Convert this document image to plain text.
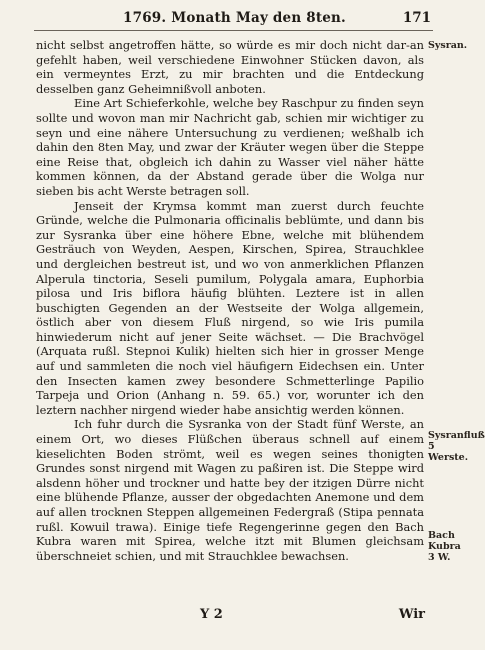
1769. Monath May den 8ten.	171

nicht selbst angetroffen hätte, so würde es mir doch nicht dar-an gefehlt haben, weil verschiedene Einwohner Stücken davon, als ein vermeyntes Erzt, zu mir brachten und die Entdeckung desselben ganz Geheimnißvoll anboten.

Eine Art Schieferkohle, welche bey Raschpur zu finden seyn sollte und wovon man mir Nachricht gab, schien mir wichtiger zu seyn und eine nähere Untersuchung zu verdienen; weßhalb ich dahin den 8ten May, und zwar der Kräuter wegen über die Steppe eine Reise that, obgleich ich dahin zu Wasser viel näher hätte kommen können, da der Abstand gerade über die Wolga nur sieben bis acht Werste betragen soll.

Jenseit der Krymsa kommt man zuerst durch feuchte Gründe, welche die Pulmonaria officinalis beblümte, und dann bis zur Sysranka über eine höhere Ebne, welche mit blühendem Gesträuch von Weyden, Aespen, Kirschen, Spirea, Strauchklee und dergleichen bestreut ist, und wo von anmerklichen Pflanzen Alperula tinctoria, Seseli pumilum, Polygala amara, Euphorbia pilosa und Iris biflora häufig blühten. Leztere ist in allen buschigten Gegenden an der Westseite der Wolga allgemein, östlich aber von diesem Fluß nirgend, so wie Iris pumila hinwiederum nicht auf jener Seite wächset. — Die Brachvögel (Arquata rußl. Stepnoi Kulik) hielten sich hier in grosser Menge auf und sammleten die noch viel häufigern Eidechsen ein. Unter den Insecten kamen zwey besondere Schmetterlinge Papilio Tarpeja und Orion (Anhang n. 59. 65.) vor, worunter ich den leztern nachher nirgend wieder habe ansichtig werden können.

Ich fuhr durch die Sysranka von der Stadt fünf Werste, an einem Ort, wo dieses Flüßchen überaus schnell auf einem kieselichten Boden strömt, weil es wegen seines thonigten Grundes sonst nirgend mit Wagen zu paßiren ist. Die Steppe wird alsdenn höher und trockner und hatte bey der itzigen Dürre nicht eine blühende Pflanze, ausser der obgedachten Anemone und dem auf allen trocknen Steppen allgemeinen Federgraß (Stipa pennata rußl. Kowuil trawa). Einige tiefe Regengerinne gegen den Bach Kubra waren mit Spirea, welche itzt mit Blumen gleichsam überschneiet schien, und mit Strauchklee bewachsen.

Sysran.
Sysranfluß 5 Werste.
Bach Kubra 3 W.
Y 2	Wir
